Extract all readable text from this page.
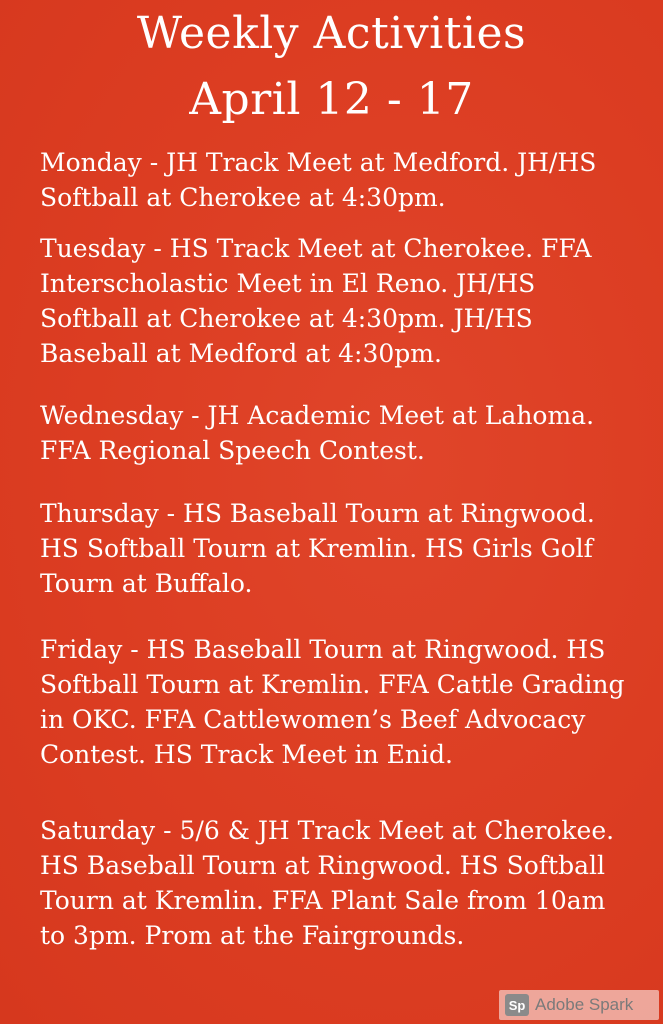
Weekly Activities
April 12 - 17

Monday - JH Track Meet at Medford. JH/HS
Softball at Cherokee at 4:30pm.

Tuesday - HS Track Meet at Cherokee. FFA
Interscholastic Meet in El Reno. JH/HS
Softball at Cherokee at 4:30pm. JH/HS
Baseball at Medford at 4:30pm.

Wednesday - JH Academic Meet at Lahoma.
FFA Regional Speech Contest.

Thursday - HS Baseball Tourn at Ringwood.
HS Softball Tourn at Kremlin. HS Girls Golf
Tourn at Buffalo.

Friday - HS Baseball Tourn at Ringwood. HS
Softball Tourn at Kremlin. FFA Cattle Grading
in OKC. FFA Cattlewomen’s Beef Advocacy
Contest. HS Track Meet in Enid.

Saturday - 5/6 & JH Track Meet at Cherokee.
HS Baseball Tourn at Ringwood. HS Softball
Tourn at Kremlin. FFA Plant Sale from 10am
to 3pm. Prom at the Fairgrounds.

Sp Adobe Spark
